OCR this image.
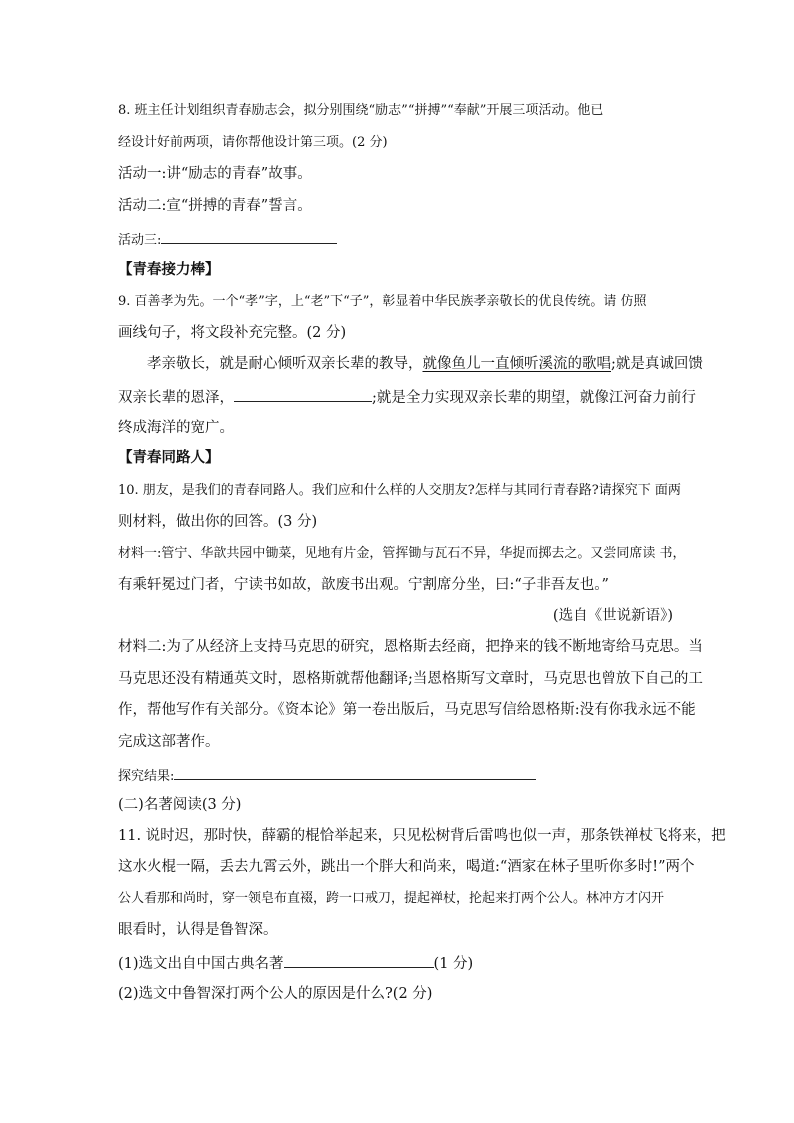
8. 班主任计划组织青春励志会，拟分别围绕“励志”“拼搏”“奉献”开展三项活动。他已
经设计好前两项，请你帮他设计第三项。(2 分)
活动一:讲“励志的青春”故事。
活动二:宣“拼搏的青春”誓言。
活动三:
【青春接力棒】
9. 百善孝为先。一个“孝”字，上“老”下“子”，彰显着中华民族孝亲敬长的优良传统。请 仿照
画线句子，将文段补充完整。(2 分)
孝亲敬长，就是耐心倾听双亲长辈的教导，就像鱼儿一直倾听溪流的歌唱;就是真诚回馈
双亲长辈的恩泽，	;就是全力实现双亲长辈的期望，就像江河奋力前行
终成海洋的宽广。
【青春同路人】
10. 朋友，是我们的青春同路人。我们应和什么样的人交朋友?怎样与其同行青春路?请探究下 面两
则材料，做出你的回答。(3 分)
材料一:管宁、华歆共园中锄菜，见地有片金，管挥锄与瓦石不异，华捉而掷去之。又尝同席读 书，
有乘轩冕过门者，宁读书如故，歆废书出观。宁割席分坐，曰:“子非吾友也。”
(选自《世说新语》)
材料二:为了从经济上支持马克思的研究，恩格斯去经商，把挣来的钱不断地寄给马克思。当
马克思还没有精通英文时，恩格斯就帮他翻译;当恩格斯写文章时，马克思也曾放下自己的工
作，帮他写作有关部分。《资本论》第一卷出版后，马克思写信给恩格斯:没有你我永远不能
完成这部著作。
探究结果:
(二)名著阅读(3 分)
11. 说时迟，那时快，薛霸的棍恰举起来，只见松树背后雷鸣也似一声，那条铁禅杖飞将来，把
这水火棍一隔，丢去九霄云外，跳出一个胖大和尚来，喝道:“酒家在林子里听你多时!”两个
公人看那和尚时，穿一领皂布直裰，跨一口戒刀，提起禅杖，抡起来打两个公人。林冲方才闪开
眼看时，认得是鲁智深。
(1)选文出自中国古典名著	(1 分)
(2)选文中鲁智深打两个公人的原因是什么?(2 分)
